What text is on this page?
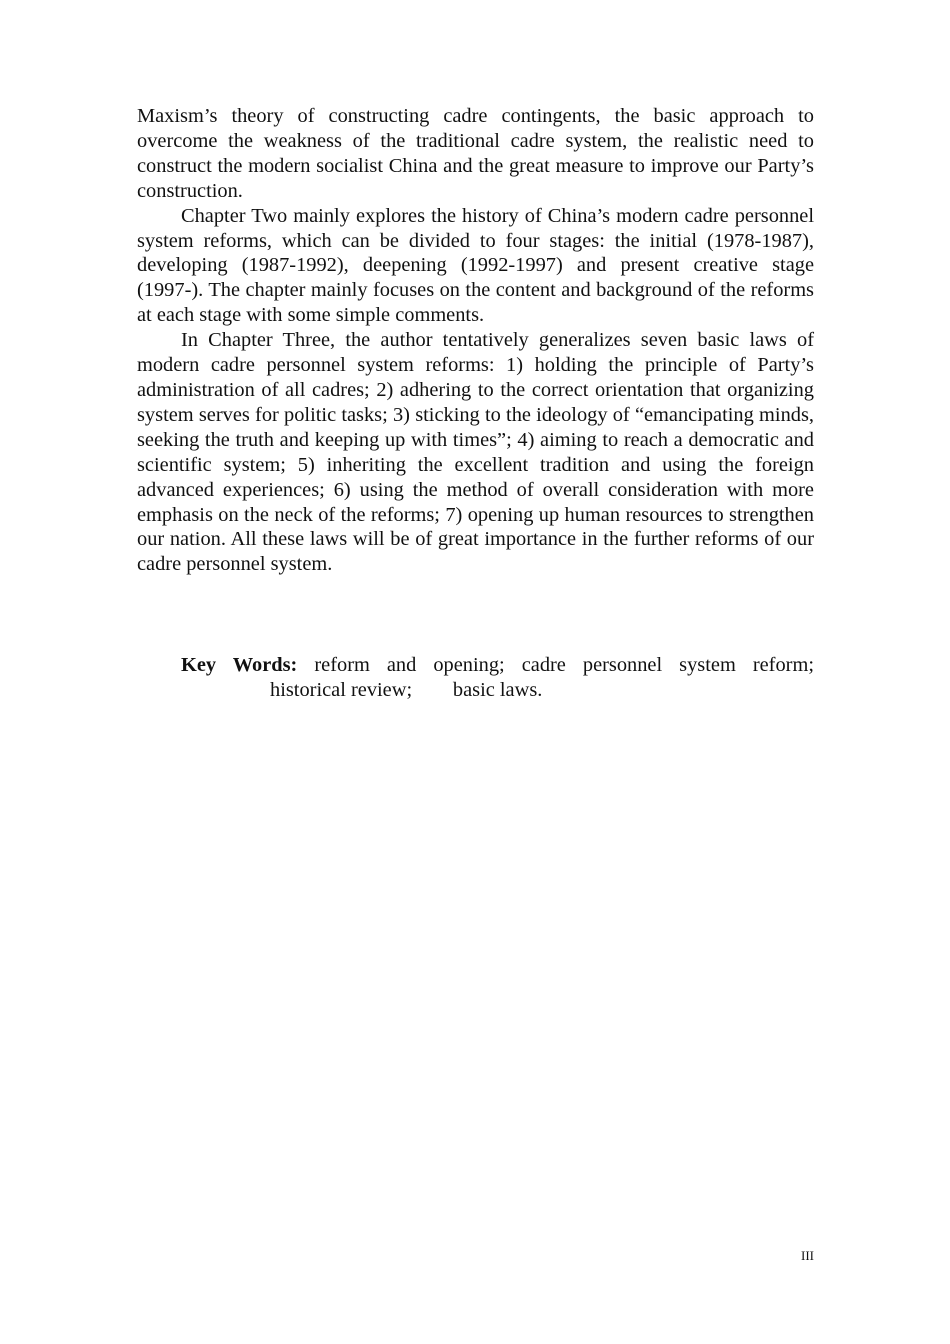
Maxism’s theory of constructing cadre contingents, the basic approach to overcome the weakness of the traditional cadre system, the realistic need to construct the modern socialist China and the great measure to improve our Party’s construction.

Chapter Two mainly explores the history of China’s modern cadre personnel system reforms, which can be divided to four stages: the initial (1978-1987), developing (1987-1992), deepening (1992-1997) and present creative stage (1997-). The chapter mainly focuses on the content and background of the reforms at each stage with some simple comments.

In Chapter Three, the author tentatively generalizes seven basic laws of modern cadre personnel system reforms: 1) holding the principle of Party’s administration of all cadres; 2) adhering to the correct orientation that organizing system serves for politic tasks; 3) sticking to the ideology of “emancipating minds, seeking the truth and keeping up with times”; 4) aiming to reach a democratic and scientific system; 5) inheriting the excellent tradition and using the foreign advanced experiences; 6) using the method of overall consideration with more emphasis on the neck of the reforms; 7) opening up human resources to strengthen our nation. All these laws will be of great importance in the further reforms of our cadre personnel system.

Key Words: reform and opening; cadre personnel system reform;
historical review;        basic laws.
III
